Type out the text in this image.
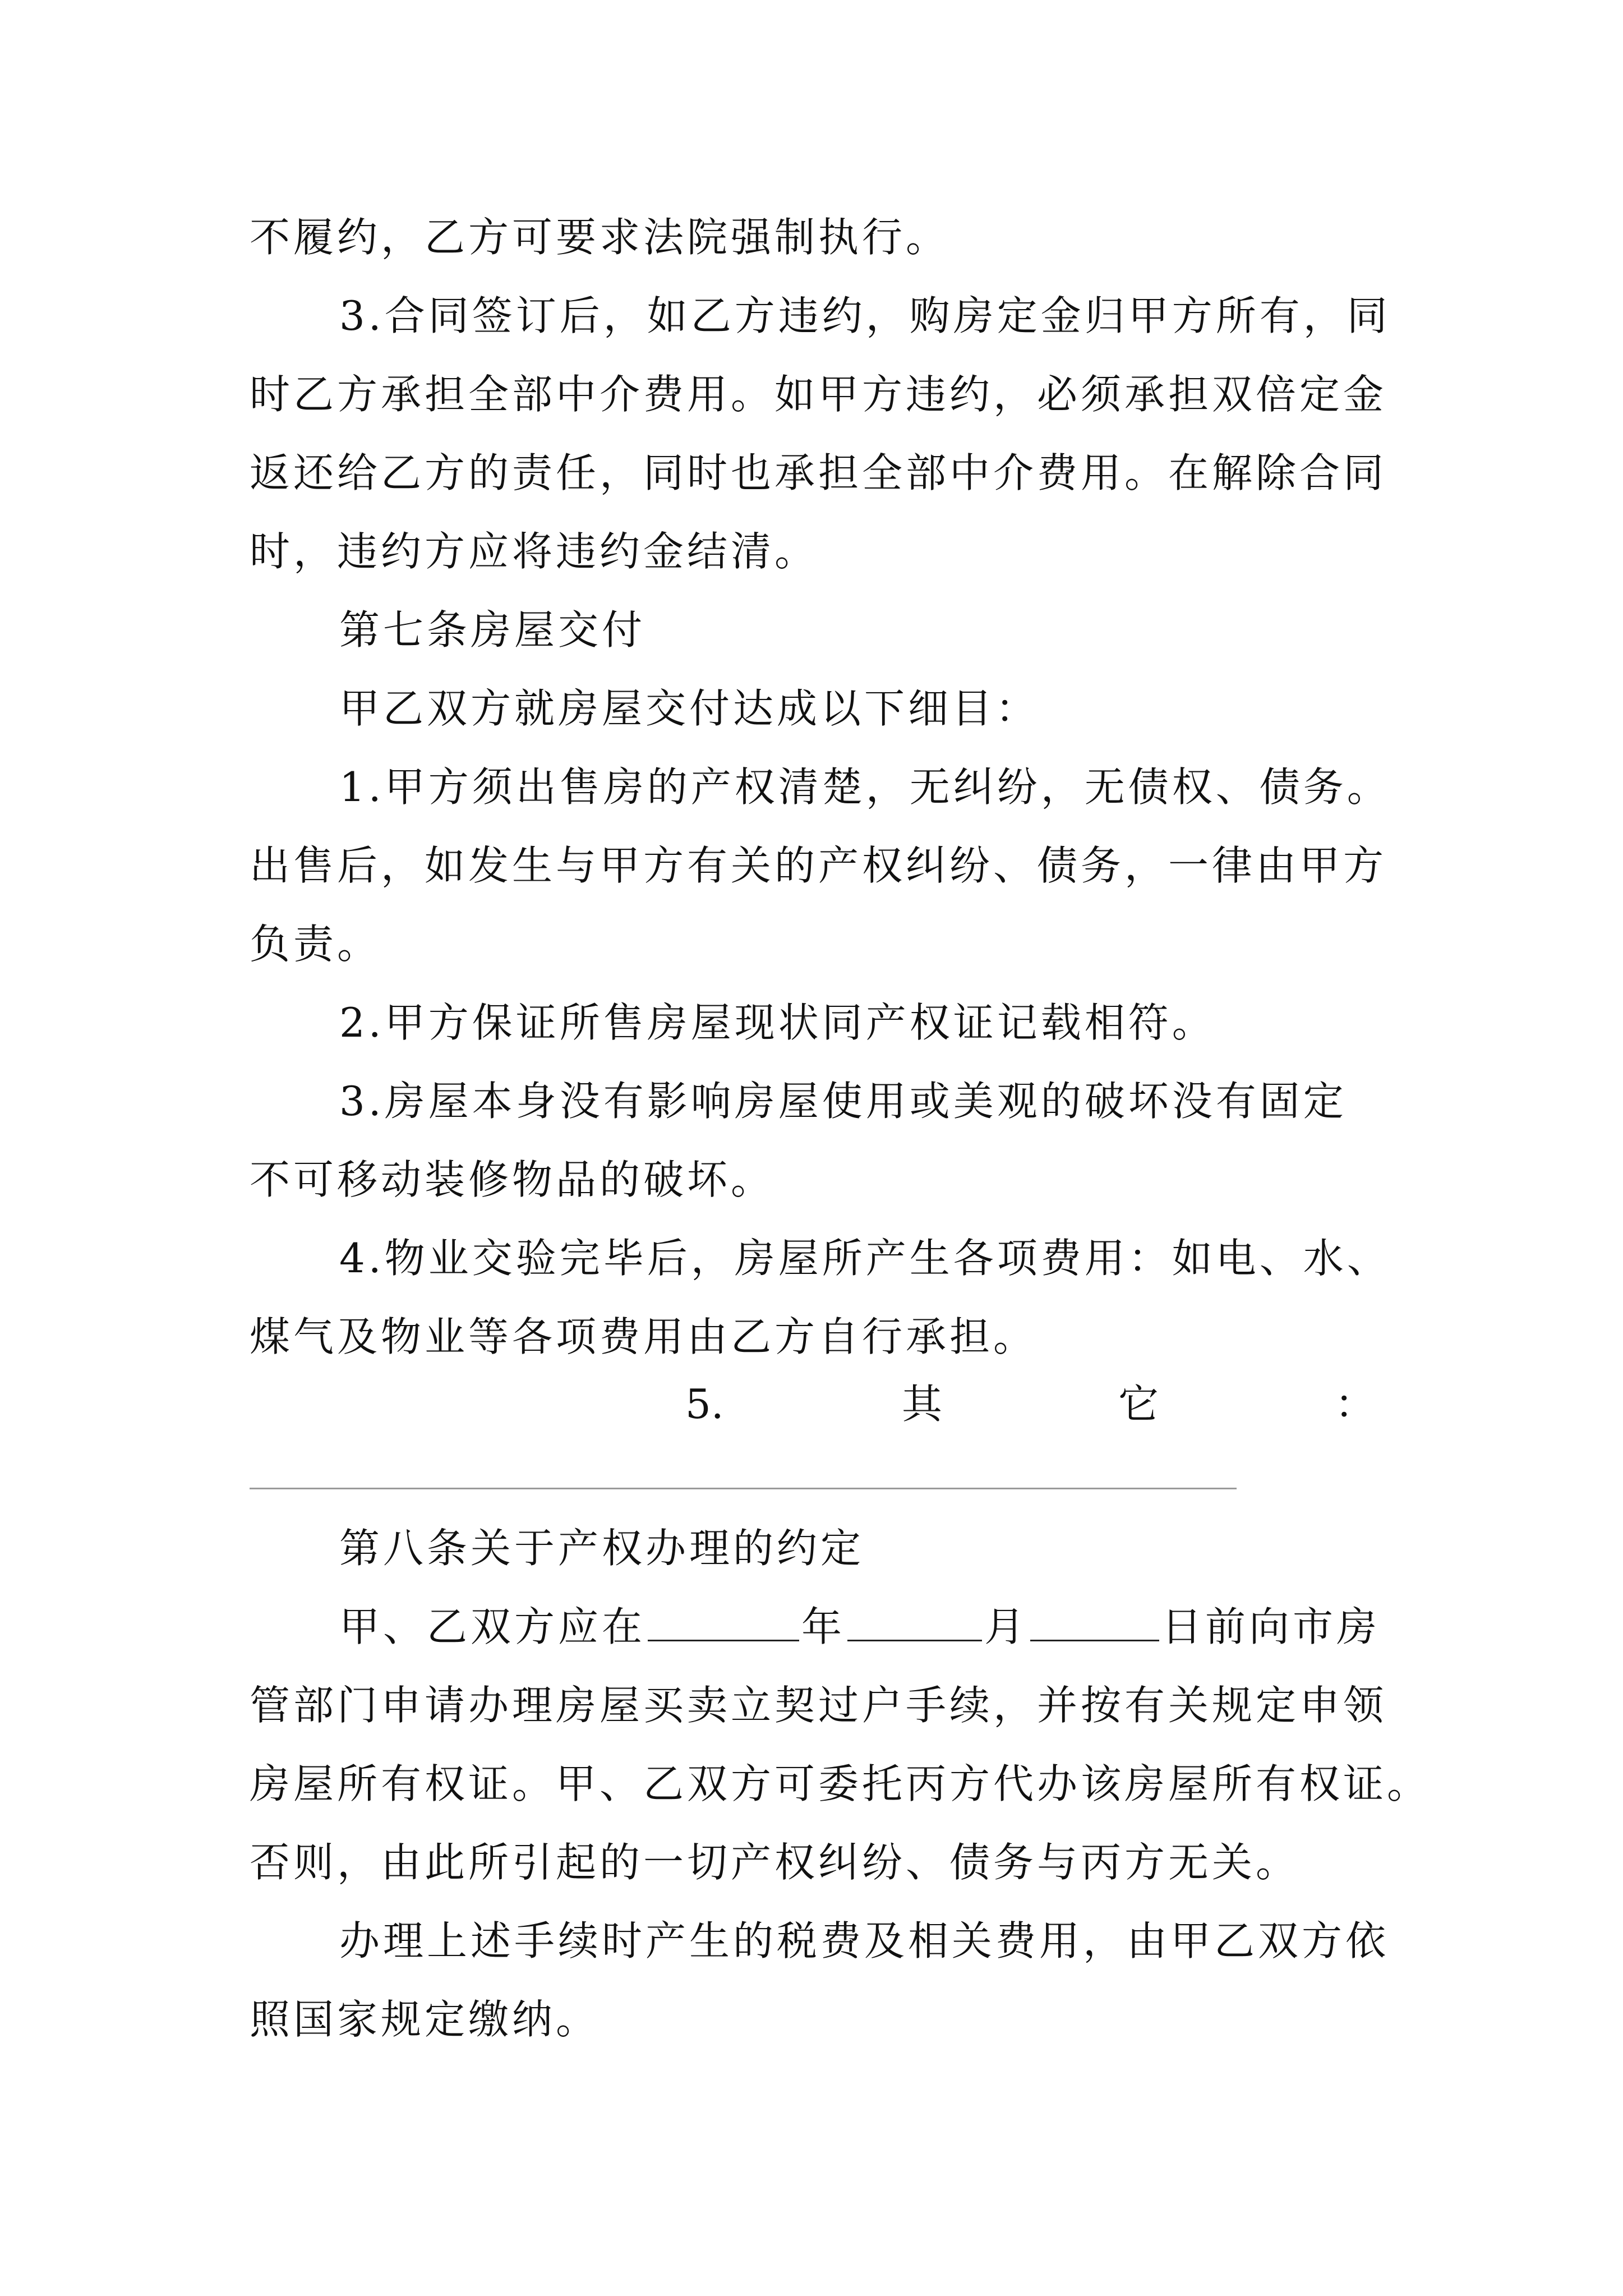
不履约，乙方可要求法院强制执行。
3.合同签订后，如乙方违约，购房定金归甲方所有，同
时乙方承担全部中介费用。如甲方违约，必须承担双倍定金
返还给乙方的责任，同时也承担全部中介费用。在解除合同
时，违约方应将违约金结清。
第七条房屋交付
甲乙双方就房屋交付达成以下细目：
1.甲方须出售房的产权清楚，无纠纷，无债权、债务。
出售后，如发生与甲方有关的产权纠纷、债务，一律由甲方
负责。
2.甲方保证所售房屋现状同产权证记载相符。
3.房屋本身没有影响房屋使用或美观的破坏没有固定
不可移动装修物品的破坏。
4.物业交验完毕后，房屋所产生各项费用：如电、水、
煤气及物业等各项费用由乙方自行承担。
5.	其	它	：
第八条关于产权办理的约定
甲、乙双方应在	年	月	日前向市房
管部门申请办理房屋买卖立契过户手续，并按有关规定申领
房屋所有权证。甲、乙双方可委托丙方代办该房屋所有权证。
否则，由此所引起的一切产权纠纷、债务与丙方无关。
办理上述手续时产生的税费及相关费用，由甲乙双方依
照国家规定缴纳。
